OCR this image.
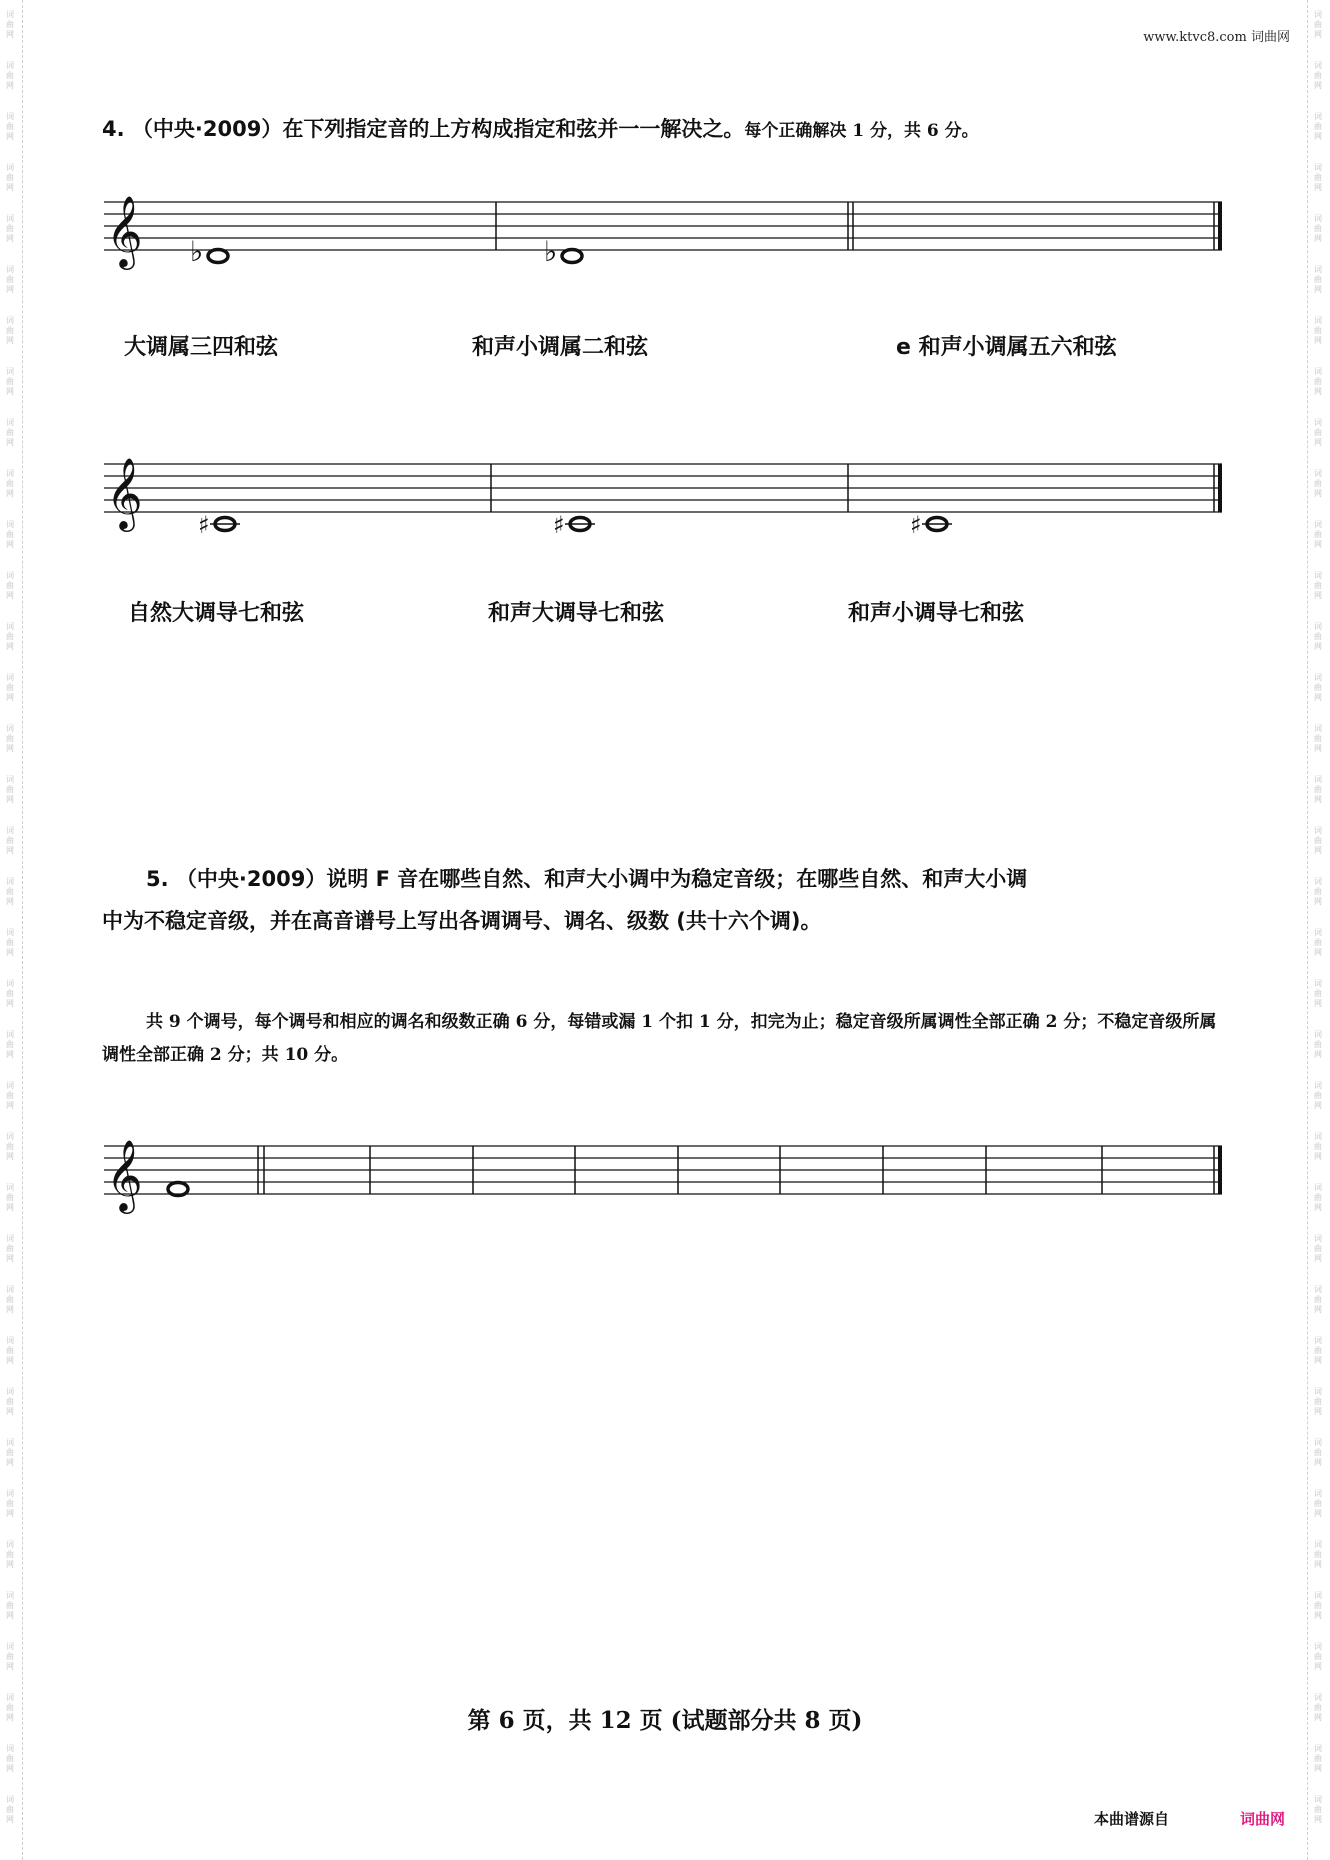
词
曲
网
词
曲
网
词
曲
网
词
曲
网
词
曲
网
词
曲
网
词
曲
网
词
曲
网
词
曲
网
词
曲
网
词
曲
网
词
曲
网
词
曲
网
词
曲
网
词
曲
网
词
曲
网
词
曲
网
词
曲
网
词
曲
网
词
曲
网
词
曲
网
词
曲
网
词
曲
网
词
曲
网
词
曲
网
词
曲
网
词
曲
网
词
曲
网
词
曲
网
词
曲
网
词
曲
网
词
曲
网
词
曲
网
词
曲
网
词
曲
网
词
曲
网
词
曲
网
词
曲
网
词
曲
网
词
曲
网
词
曲
网
词
曲
网
词
曲
网
词
曲
网
词
曲
网
词
曲
网
词
曲
网
词
曲
网
词
曲
网
词
曲
网
词
曲
网
词
曲
网
词
曲
网
词
曲
网
词
曲
网
词
曲
网
词
曲
网
词
曲
网
词
曲
网
词
曲
网
词
曲
网
词
曲
网
词
曲
网
词
曲
网
词
曲
网
词
曲
网
词
曲
网
词
曲
网
词
曲
网
词
曲
网
词
曲
网
词
曲
网
www.ktvc8.com 词曲网
4. （中央·2009）在下列指定音的上方构成指定和弦并一一解决之。每个正确解决 1 分，共 6 分。
𝄞 ♭	♭
大调属三四和弦	和声小调属二和弦	e 和声小调属五六和弦
𝄞 ♯	♯	♯
自然大调导七和弦	和声大调导七和弦	和声小调导七和弦
5. （中央·2009）说明 F 音在哪些自然、和声大小调中为稳定音级；在哪些自然、和声大小调
中为不稳定音级，并在高音谱号上写出各调调号、调名、级数 (共十六个调)。
共 9 个调号，每个调号和相应的调名和级数正确 6 分，每错或漏 1 个扣 1 分，扣完为止；稳定音级所属调性全部正确 2 分；不稳定音级所属调性全部正确 2 分；共 10 分。
𝄞
第 6 页，共 12 页 (试题部分共 8 页)
本曲谱源自	词曲网
